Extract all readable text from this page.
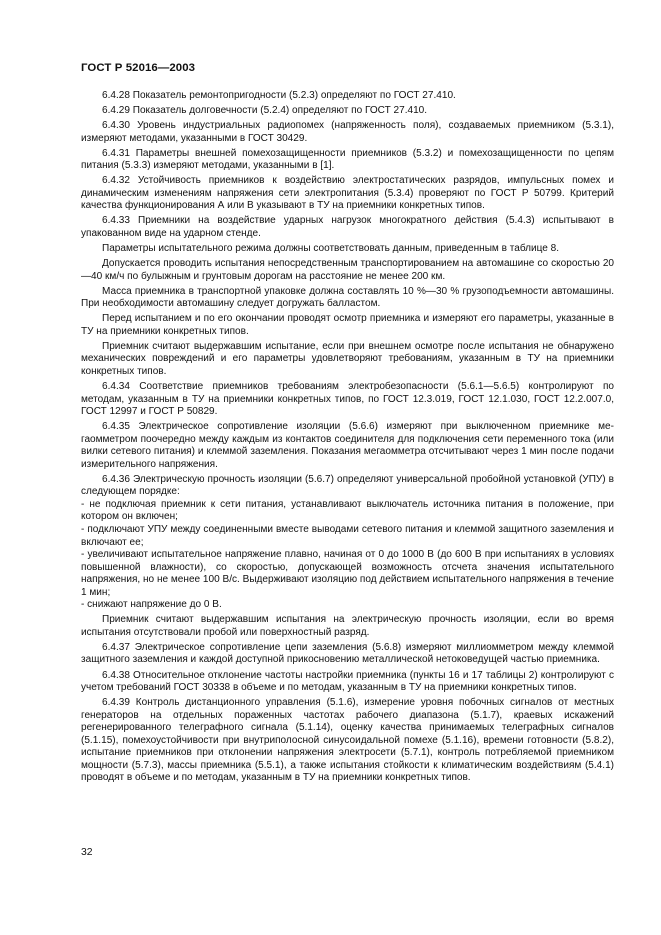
ГОСТ Р 52016—2003

6.4.28 Показатель ремонтопригодности (5.2.3) определяют по ГОСТ 27.410.

6.4.29 Показатель долговечности (5.2.4) определяют по ГОСТ 27.410.

6.4.30 Уровень индустриальных радиопомех (напряженность поля), создаваемых приемником (5.3.1), измеряют методами, указанными в ГОСТ 30429.

6.4.31 Параметры внешней помехозащищенности приемников (5.3.2) и помехозащищенности по цепям питания (5.3.3) измеряют методами, указанными в [1].

6.4.32 Устойчивость приемников к воздействию электростатических разрядов, импульсных помех и динамическим изменениям напряжения сети электропитания (5.3.4) проверяют по ГОСТ Р 50799. Критерий качества функционирования А или В указывают в ТУ на приемники конкретных типов.

6.4.33 Приемники на воздействие ударных нагрузок многократного действия (5.4.3) испытывают в упакованном виде на ударном стенде.

Параметры испытательного режима должны соответствовать данным, приведенным в таблице 8.

Допускается проводить испытания непосредственным транспортированием на автомашине со скоростью 20—40 км/ч по булыжным и грунтовым дорогам на расстояние не менее 200 км.

Масса приемника в транспортной упаковке должна составлять 10 %—30 % грузоподъемности автомашины. При необходимости автомашину следует догружать балластом.

Перед испытанием и по его окончании проводят осмотр приемника и измеряют его параметры, указанные в ТУ на приемники конкретных типов.

Приемник считают выдержавшим испытание, если при внешнем осмотре после испытания не обнаружено механических повреждений и его параметры удовлетворяют требованиям, указанным в ТУ на приемники конкретных типов.

6.4.34 Соответствие приемников требованиям электробезопасности (5.6.1—5.6.5) контролируют по методам, указанным в ТУ на приемники конкретных типов, по ГОСТ 12.3.019, ГОСТ 12.1.030, ГОСТ 12.2.007.0, ГОСТ 12997 и ГОСТ Р 50829.

6.4.35 Электрическое сопротивление изоляции (5.6.6) измеряют при выключенном приемнике мегаомметром поочередно между каждым из контактов соединителя для подключения сети переменного тока (или вилки сетевого питания) и клеммой заземления. Показания мегаомметра отсчитывают через 1 мин после подачи измерительного напряжения.

6.4.36 Электрическую прочность изоляции (5.6.7) определяют универсальной пробойной установкой (УПУ) в следующем порядке:

- не подключая приемник к сети питания, устанавливают выключатель источника питания в положение, при котором он включен;

- подключают УПУ между соединенными вместе выводами сетевого питания и клеммой защитного заземления и включают ее;

- увеличивают испытательное напряжение плавно, начиная от 0 до 1000 В (до 600 В при испытаниях в условиях повышенной влажности), со скоростью, допускающей возможность отсчета значения испытательного напряжения, но не менее 100 В/с. Выдерживают изоляцию под действием испытательного напряжения в течение 1 мин;

- снижают напряжение до 0 В.

Приемник считают выдержавшим испытания на электрическую прочность изоляции, если во время испытания отсутствовали пробой или поверхностный разряд.

6.4.37 Электрическое сопротивление цепи заземления (5.6.8) измеряют миллиомметром между клеммой защитного заземления и каждой доступной прикосновению металлической нетоковедущей частью приемника.

6.4.38 Относительное отклонение частоты настройки приемника (пункты 16 и 17 таблицы 2) контролируют с учетом требований ГОСТ 30338 в объеме и по методам, указанным в ТУ на приемники конкретных типов.

6.4.39 Контроль дистанционного управления (5.1.6), измерение уровня побочных сигналов от местных генераторов на отдельных пораженных частотах рабочего диапазона (5.1.7), краевых искажений регенерированного телеграфного сигнала (5.1.14), оценку качества принимаемых телеграфных сигналов (5.1.15), помехоустойчивости при внутриполосной синусоидальной помехе (5.1.16), времени готовности (5.8.2), испытание приемников при отклонении напряжения электросети (5.7.1), контроль потребляемой приемником мощности (5.7.3), массы приемника (5.5.1), а также испытания стойкости к климатическим воздействиям (5.4.1) проводят в объеме и по методам, указанным в ТУ на приемники конкретных типов.

32
